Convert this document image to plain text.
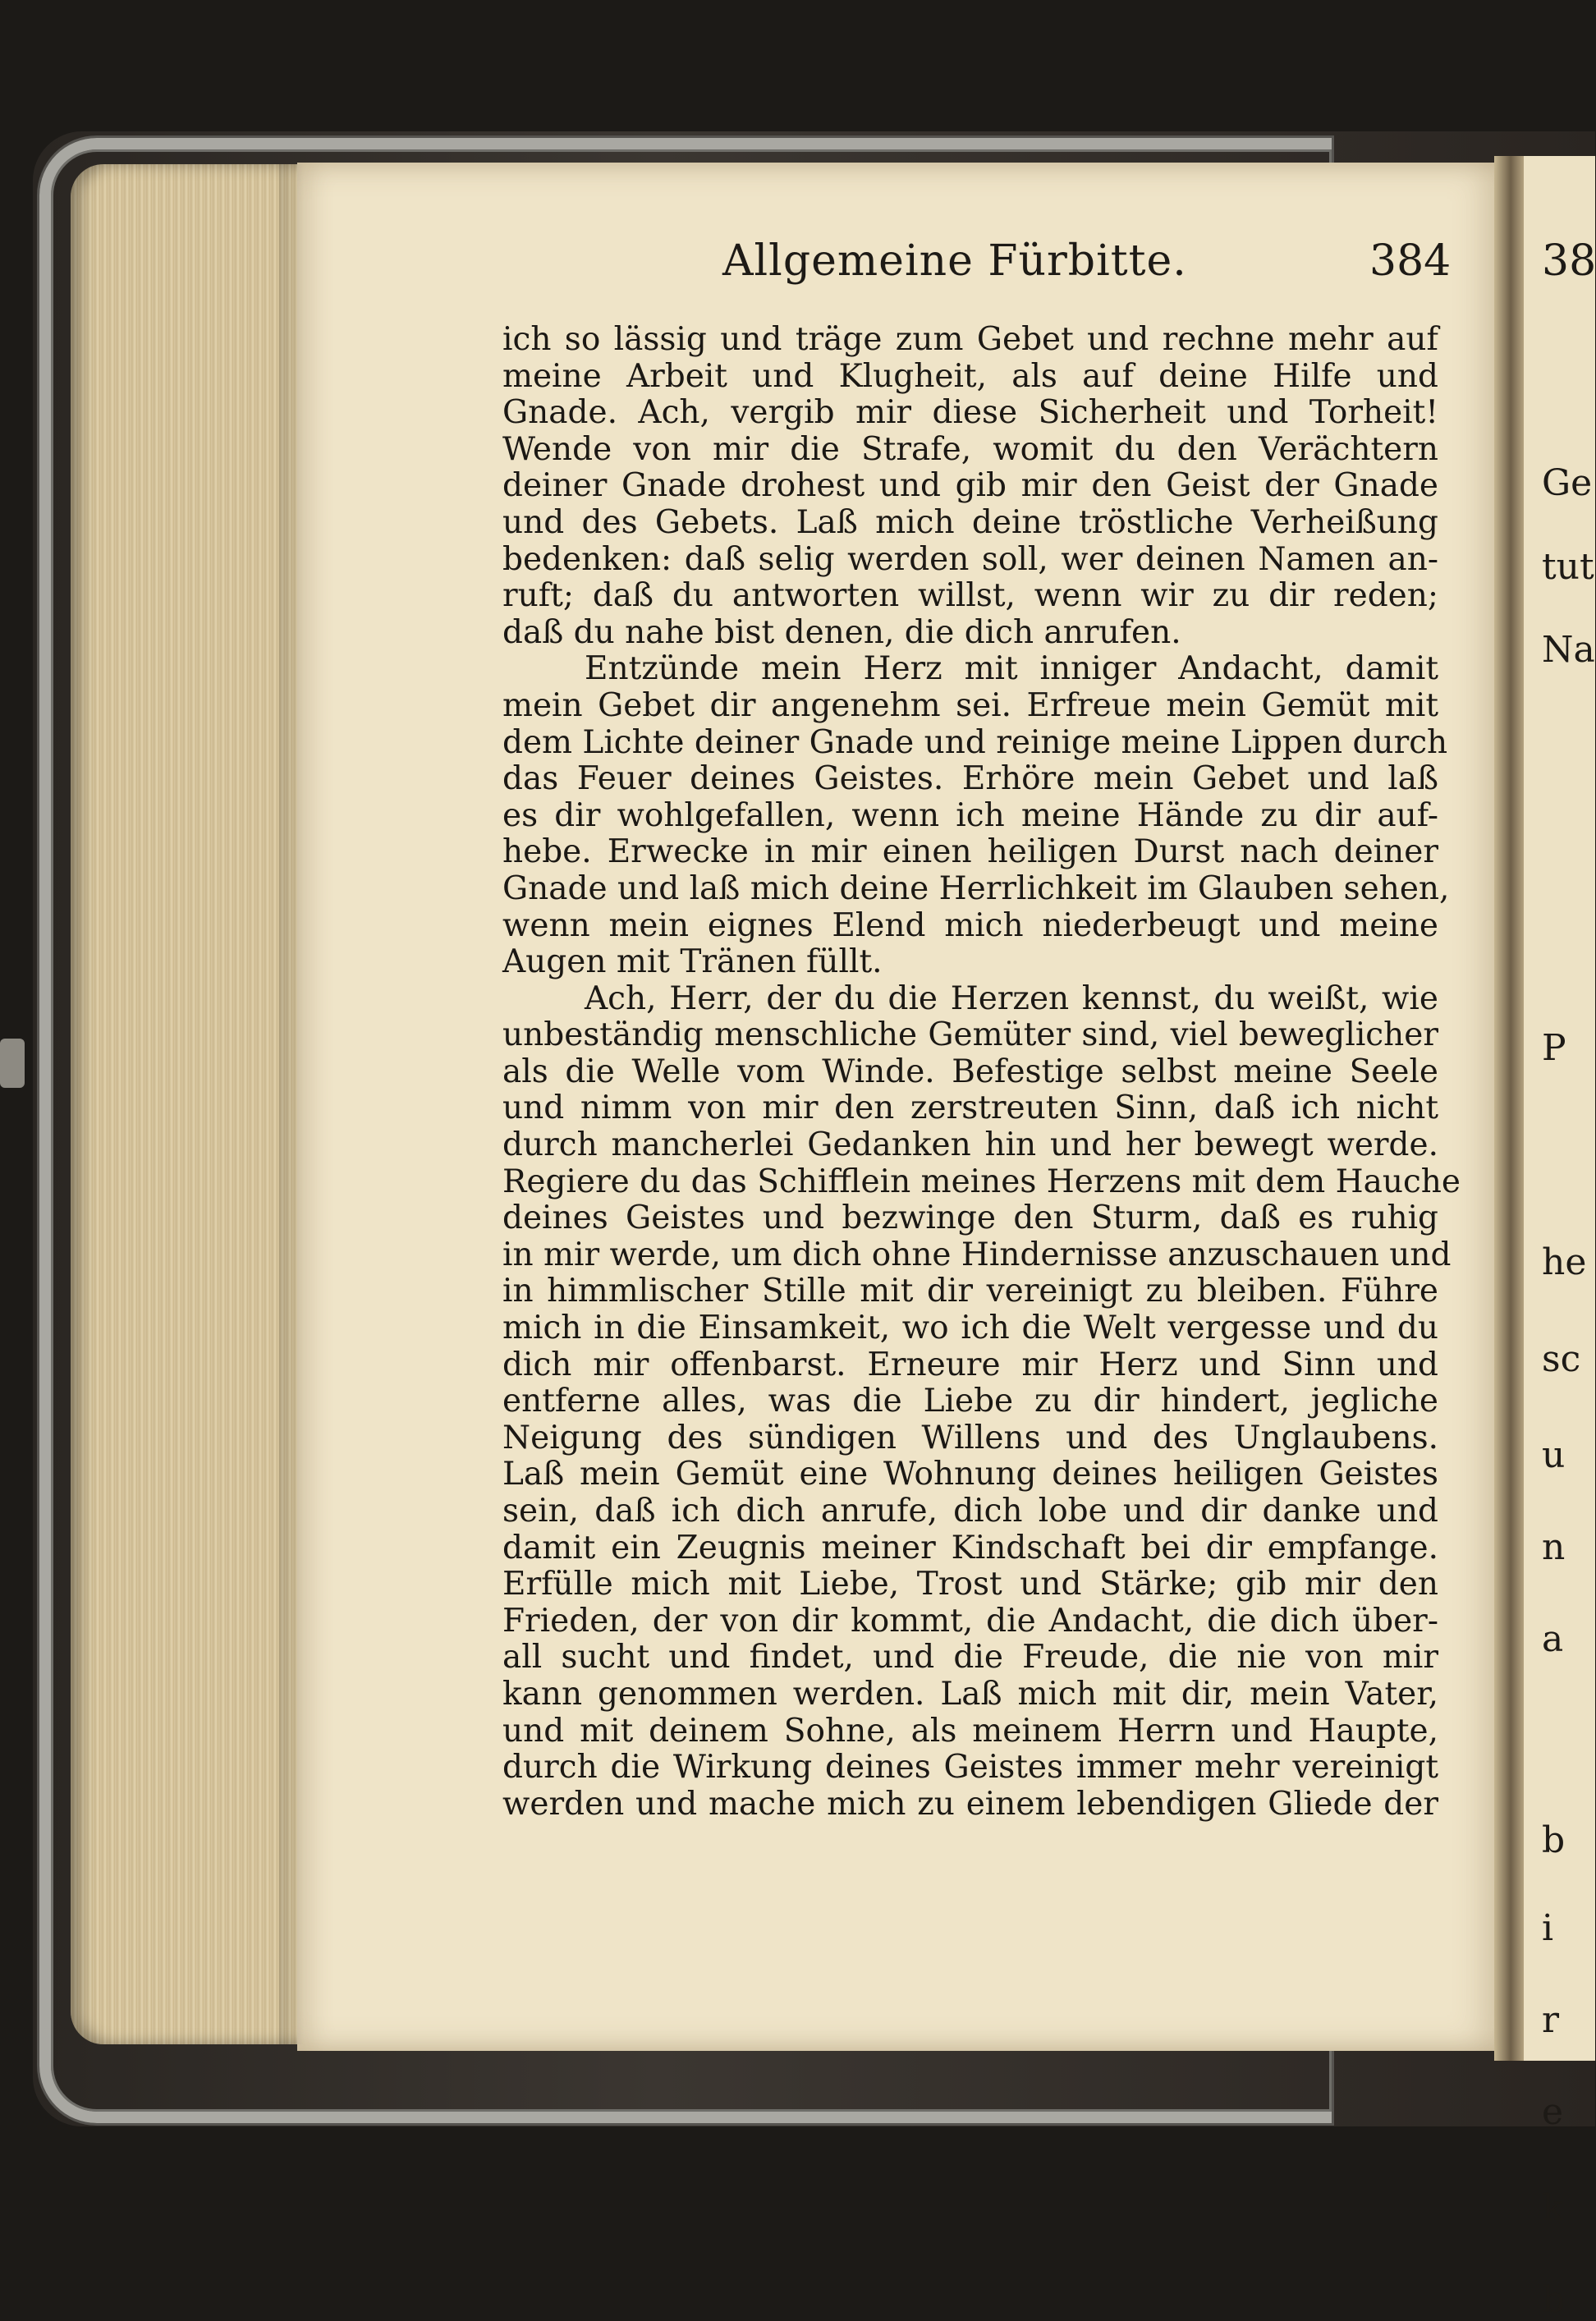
38
Ge
tut
Na
P
he
sc
u
n
a
b
i
r
e
k
b
Allgemeine Fürbitte.	384
ich so lässig und träge zum Gebet und rechne mehr auf
meine Arbeit und Klugheit, als auf deine Hilfe und
Gnade. Ach, vergib mir diese Sicherheit und Torheit!
Wende von mir die Strafe, womit du den Verächtern
deiner Gnade drohest und gib mir den Geist der Gnade
und des Gebets. Laß mich deine tröstliche Verheißung
bedenken: daß selig werden soll, wer deinen Namen an-
ruft; daß du antworten willst, wenn wir zu dir reden;
daß du nahe bist denen, die dich anrufen.
Entzünde mein Herz mit inniger Andacht, damit
mein Gebet dir angenehm sei. Erfreue mein Gemüt mit
dem Lichte deiner Gnade und reinige meine Lippen durch
das Feuer deines Geistes. Erhöre mein Gebet und laß
es dir wohlgefallen, wenn ich meine Hände zu dir auf-
hebe. Erwecke in mir einen heiligen Durst nach deiner
Gnade und laß mich deine Herrlichkeit im Glauben sehen,
wenn mein eignes Elend mich niederbeugt und meine
Augen mit Tränen füllt.
Ach, Herr, der du die Herzen kennst, du weißt, wie
unbeständig menschliche Gemüter sind, viel beweglicher
als die Welle vom Winde. Befestige selbst meine Seele
und nimm von mir den zerstreuten Sinn, daß ich nicht
durch mancherlei Gedanken hin und her bewegt werde.
Regiere du das Schifflein meines Herzens mit dem Hauche
deines Geistes und bezwinge den Sturm, daß es ruhig
in mir werde, um dich ohne Hindernisse anzuschauen und
in himmlischer Stille mit dir vereinigt zu bleiben. Führe
mich in die Einsamkeit, wo ich die Welt vergesse und du
dich mir offenbarst. Erneure mir Herz und Sinn und
entferne alles, was die Liebe zu dir hindert, jegliche
Neigung des sündigen Willens und des Unglaubens.
Laß mein Gemüt eine Wohnung deines heiligen Geistes
sein, daß ich dich anrufe, dich lobe und dir danke und
damit ein Zeugnis meiner Kindschaft bei dir empfange.
Erfülle mich mit Liebe, Trost und Stärke; gib mir den
Frieden, der von dir kommt, die Andacht, die dich über-
all sucht und findet, und die Freude, die nie von mir
kann genommen werden. Laß mich mit dir, mein Vater,
und mit deinem Sohne, als meinem Herrn und Haupte,
durch die Wirkung deines Geistes immer mehr vereinigt
werden und mache mich zu einem lebendigen Gliede der
